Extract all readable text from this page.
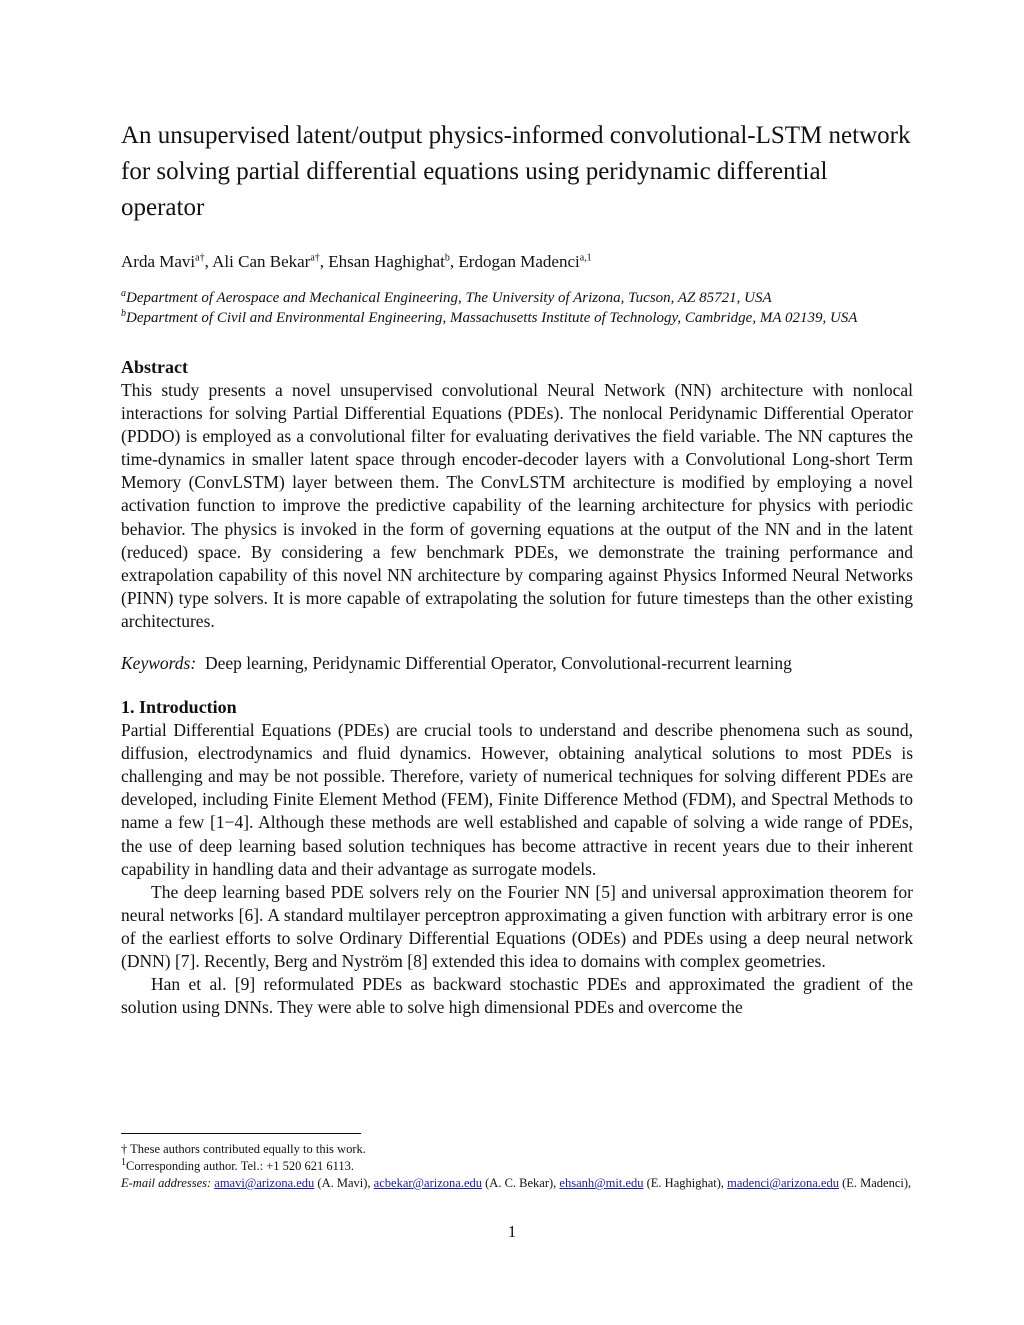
An unsupervised latent/output physics-informed convolutional-LSTM network for solving partial differential equations using peridynamic differential operator
Arda Mavi$^{a\dagger}$, Ali Can Bekar$^{a\dagger}$, Ehsan Haghighat$^b$, Erdogan Madenci$^{a,1}$
$^a$Department of Aerospace and Mechanical Engineering, The University of Arizona, Tucson, AZ 85721, USA
$^b$Department of Civil and Environmental Engineering, Massachusetts Institute of Technology, Cambridge, MA 02139, USA
Abstract

This study presents a novel unsupervised convolutional Neural Network (NN) architecture with nonlocal interactions for solving Partial Differential Equations (PDEs). The nonlocal Peridynamic Differential Operator (PDDO) is employed as a convolutional filter for evaluating derivatives the field variable. The NN captures the time-dynamics in smaller latent space through encoder-decoder layers with a Convolutional Long-short Term Memory (ConvLSTM) layer between them. The ConvLSTM architecture is modified by employing a novel activation function to improve the predictive capability of the learning architecture for physics with periodic behavior. The physics is invoked in the form of governing equations at the output of the NN and in the latent (reduced) space. By considering a few benchmark PDEs, we demonstrate the training performance and extrapolation capability of this novel NN architecture by comparing against Physics Informed Neural Networks (PINN) type solvers. It is more capable of extrapolating the solution for future timesteps than the other existing architectures.

Keywords: Deep learning, Peridynamic Differential Operator, Convolutional-recurrent learning
1. Introduction

Partial Differential Equations (PDEs) are crucial tools to understand and describe phenomena such as sound, diffusion, electrodynamics and fluid dynamics. However, obtaining analytical solutions to most PDEs is challenging and may be not possible. Therefore, variety of numerical techniques for solving different PDEs are developed, including Finite Element Method (FEM), Finite Difference Method (FDM), and Spectral Methods to name a few [1−4]. Although these methods are well established and capable of solving a wide range of PDEs, the use of deep learning based solution techniques has become attractive in recent years due to their inherent capability in handling data and their advantage as surrogate models.

The deep learning based PDE solvers rely on the Fourier NN [5] and universal approximation theorem for neural networks [6]. A standard multilayer perceptron approximating a given function with arbitrary error is one of the earliest efforts to solve Ordinary Differential Equations (ODEs) and PDEs using a deep neural network (DNN) [7]. Recently, Berg and Nyström [8] extended this idea to domains with complex geometries.

Han et al. [9] reformulated PDEs as backward stochastic PDEs and approximated the gradient of the solution using DNNs. They were able to solve high dimensional PDEs and overcome the

† These authors contributed equally to this work.
$^1$Corresponding author. Tel.: +1 520 621 6113.
E-mail addresses: amavi@arizona.edu (A. Mavi), acbekar@arizona.edu (A. C. Bekar), ehsanh@mit.edu (E. Haghighat), madenci@arizona.edu (E. Madenci),
1
